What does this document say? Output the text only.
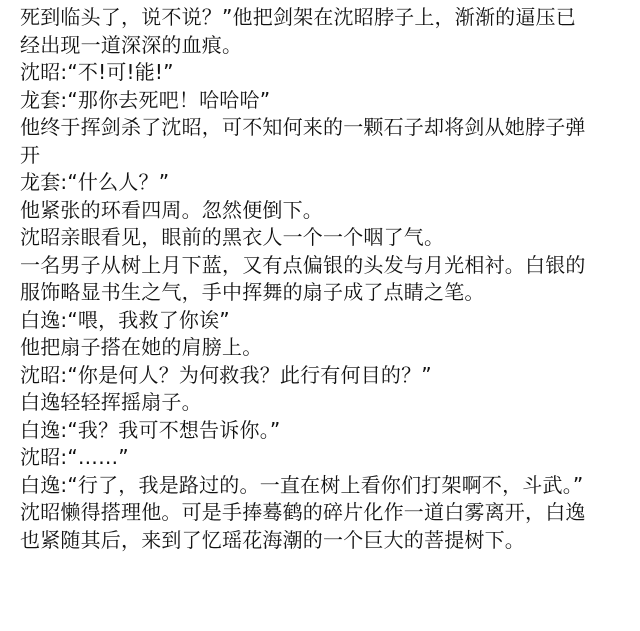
死到临头了，说不说？”他把剑架在沈昭脖子上，渐渐的逼压已
经出现一道深深的血痕。
沈昭:“不!可!能!”
龙套:“那你去死吧！哈哈哈”
他终于挥剑杀了沈昭，可不知何来的一颗石子却将剑从她脖子弹
开
龙套:“什么人？”
他紧张的环看四周。忽然便倒下。
沈昭亲眼看见，眼前的黑衣人一个一个咽了气。
一名男子从树上月下蓝，又有点偏银的头发与月光相衬。白银的
服饰略显书生之气，手中挥舞的扇子成了点睛之笔。
白逸:“喂，我救了你诶”
他把扇子搭在她的肩膀上。
沈昭:“你是何人？为何救我？此行有何目的？”
白逸轻轻挥摇扇子。
白逸:“我？我可不想告诉你。”
沈昭:“……”
白逸:“行了，我是路过的。一直在树上看你们打架啊不，斗武。”
沈昭懒得搭理他。可是手捧蓦鹤的碎片化作一道白雾离开，白逸
也紧随其后，来到了忆瑶花海潮的一个巨大的菩提树下。
